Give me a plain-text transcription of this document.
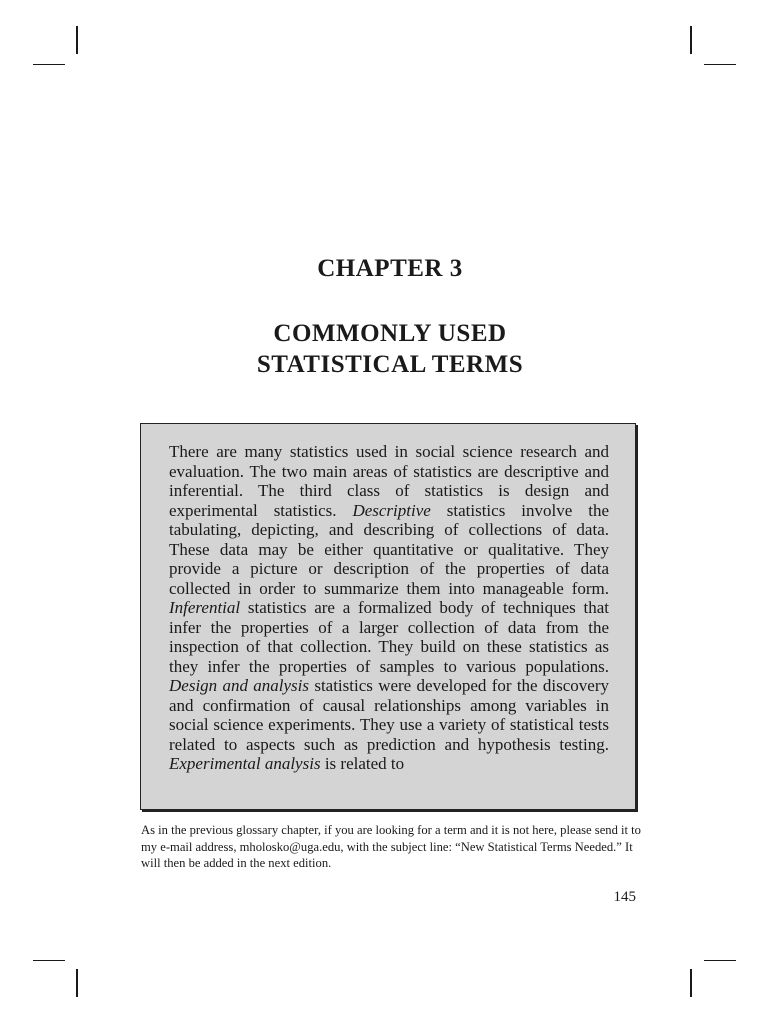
CHAPTER 3
COMMONLY USED
STATISTICAL TERMS

There are many statistics used in social science research and evaluation. The two main areas of statistics are descriptive and inferential. The third class of statistics is design and experimental statistics. Descriptive statistics involve the tabulating, depicting, and describing of collections of data. These data may be either quantitative or qualitative. They provide a picture or description of the properties of data collected in order to summarize them into manageable form. Inferential statistics are a formalized body of techniques that infer the properties of a larger collection of data from the inspection of that collection. They build on these statistics as they infer the properties of samples to various populations. Design and analysis statistics were developed for the discovery and confirmation of causal relationships among variables in social science experiments. They use a variety of statistical tests related to aspects such as prediction and hypothesis testing. Experimental analysis is related to

As in the previous glossary chapter, if you are looking for a term and it is not here, please send it to my e-mail address, mholosko@uga.edu, with the subject line: “New Statistical Terms Needed.” It will then be added in the next edition.

145
